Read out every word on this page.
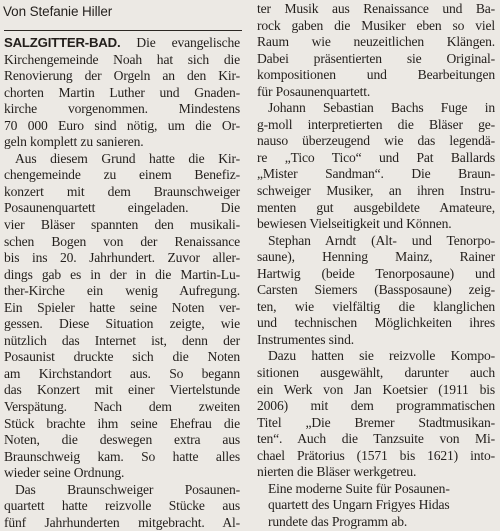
Von Stefanie Hiller
SALZGITTER-BAD. Die evangelische
Kirchengemeinde Noah hat sich die
Renovierung der Orgeln an den Kir-
chorten Martin Luther und Gnaden-
kirche vorgenommen. Mindestens
70 000 Euro sind nötig, um die Or-
geln komplett zu sanieren.
Aus diesem Grund hatte die Kir-
chengemeinde zu einem Benefiz-
konzert mit dem Braunschweiger
Posaunenquartett eingeladen. Die
vier Bläser spannten den musikali-
schen Bogen von der Renaissance
bis ins 20. Jahrhundert. Zuvor aller-
dings gab es in der in die Martin-Lu-
ther-Kirche ein wenig Aufregung.
Ein Spieler hatte seine Noten ver-
gessen. Diese Situation zeigte, wie
nützlich das Internet ist, denn der
Posaunist druckte sich die Noten
am Kirchstandort aus. So begann
das Konzert mit einer Viertelstunde
Verspätung. Nach dem zweiten
Stück brachte ihm seine Ehefrau die
Noten, die deswegen extra aus
Braunschweig kam. So hatte alles
wieder seine Ordnung.
Das Braunschweiger Posaunen-
quartett hatte reizvolle Stücke aus
fünf Jahrhunderten mitgebracht. Al-
ter Musik aus Renaissance und Ba-
rock gaben die Musiker eben so viel
Raum wie neuzeitlichen Klängen.
Dabei präsentierten sie Original-
kompositionen und Bearbeitungen
für Posaunenquartett.
Johann Sebastian Bachs Fuge in
g-moll interpretierten die Bläser ge-
nauso überzeugend wie das legendä-
re „Tico Tico“ und Pat Ballards
„Mister Sandman“. Die Braun-
schweiger Musiker, an ihren Instru-
menten gut ausgebildete Amateure,
bewiesen Vielseitigkeit und Können.
Stephan Arndt (Alt- und Tenorpo-
saune), Henning Mainz, Rainer
Hartwig (beide Tenorposaune) und
Carsten Siemers (Bassposaune) zeig-
ten, wie vielfältig die klanglichen
und technischen Möglichkeiten ihres
Instrumentes sind.
Dazu hatten sie reizvolle Kompo-
sitionen ausgewählt, darunter auch
ein Werk von Jan Koetsier (1911 bis
2006) mit dem programmatischen
Titel „Die Bremer Stadtmusikan-
ten“. Auch die Tanzsuite von Mi-
chael Prätorius (1571 bis 1621) into-
nierten die Bläser werkgetreu.
Eine moderne Suite für Posaunen-
quartett des Ungarn Frigyes Hidas
rundete das Programm ab.
